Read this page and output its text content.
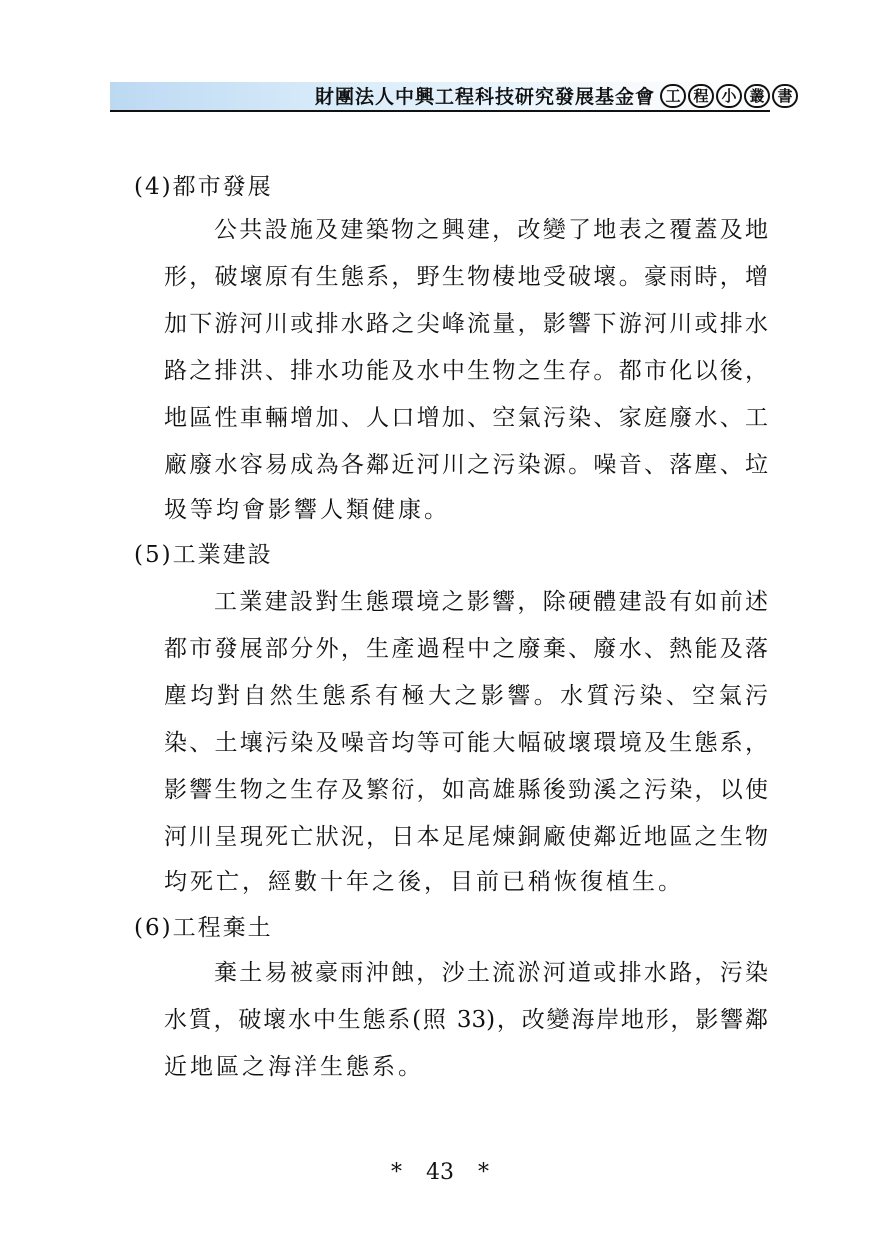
財團法人中興工程科技研究發展基金會 工 程 小 叢 書
(4)都市發展
公共設施及建築物之興建，改變了地表之覆蓋及地
形，破壞原有生態系，野生物棲地受破壞。豪雨時，增
加下游河川或排水路之尖峰流量，影響下游河川或排水
路之排洪、排水功能及水中生物之生存。都市化以後，
地區性車輛增加、人口增加、空氣污染、家庭廢水、工
廠廢水容易成為各鄰近河川之污染源。噪音、落塵、垃
圾等均會影響人類健康。
(5)工業建設
工業建設對生態環境之影響，除硬體建設有如前述
都市發展部分外，生產過程中之廢棄、廢水、熱能及落
塵均對自然生態系有極大之影響。水質污染、空氣污
染、土壤污染及噪音均等可能大幅破壞環境及生態系，
影響生物之生存及繁衍，如高雄縣後勁溪之污染，以使
河川呈現死亡狀況，日本足尾煉銅廠使鄰近地區之生物
均死亡，經數十年之後，目前已稍恢復植生。
(6)工程棄土
棄土易被豪雨沖蝕，沙土流淤河道或排水路，污染
水質，破壞水中生態系(照 33)，改變海岸地形，影響鄰
近地區之海洋生態系。
* 43 *
